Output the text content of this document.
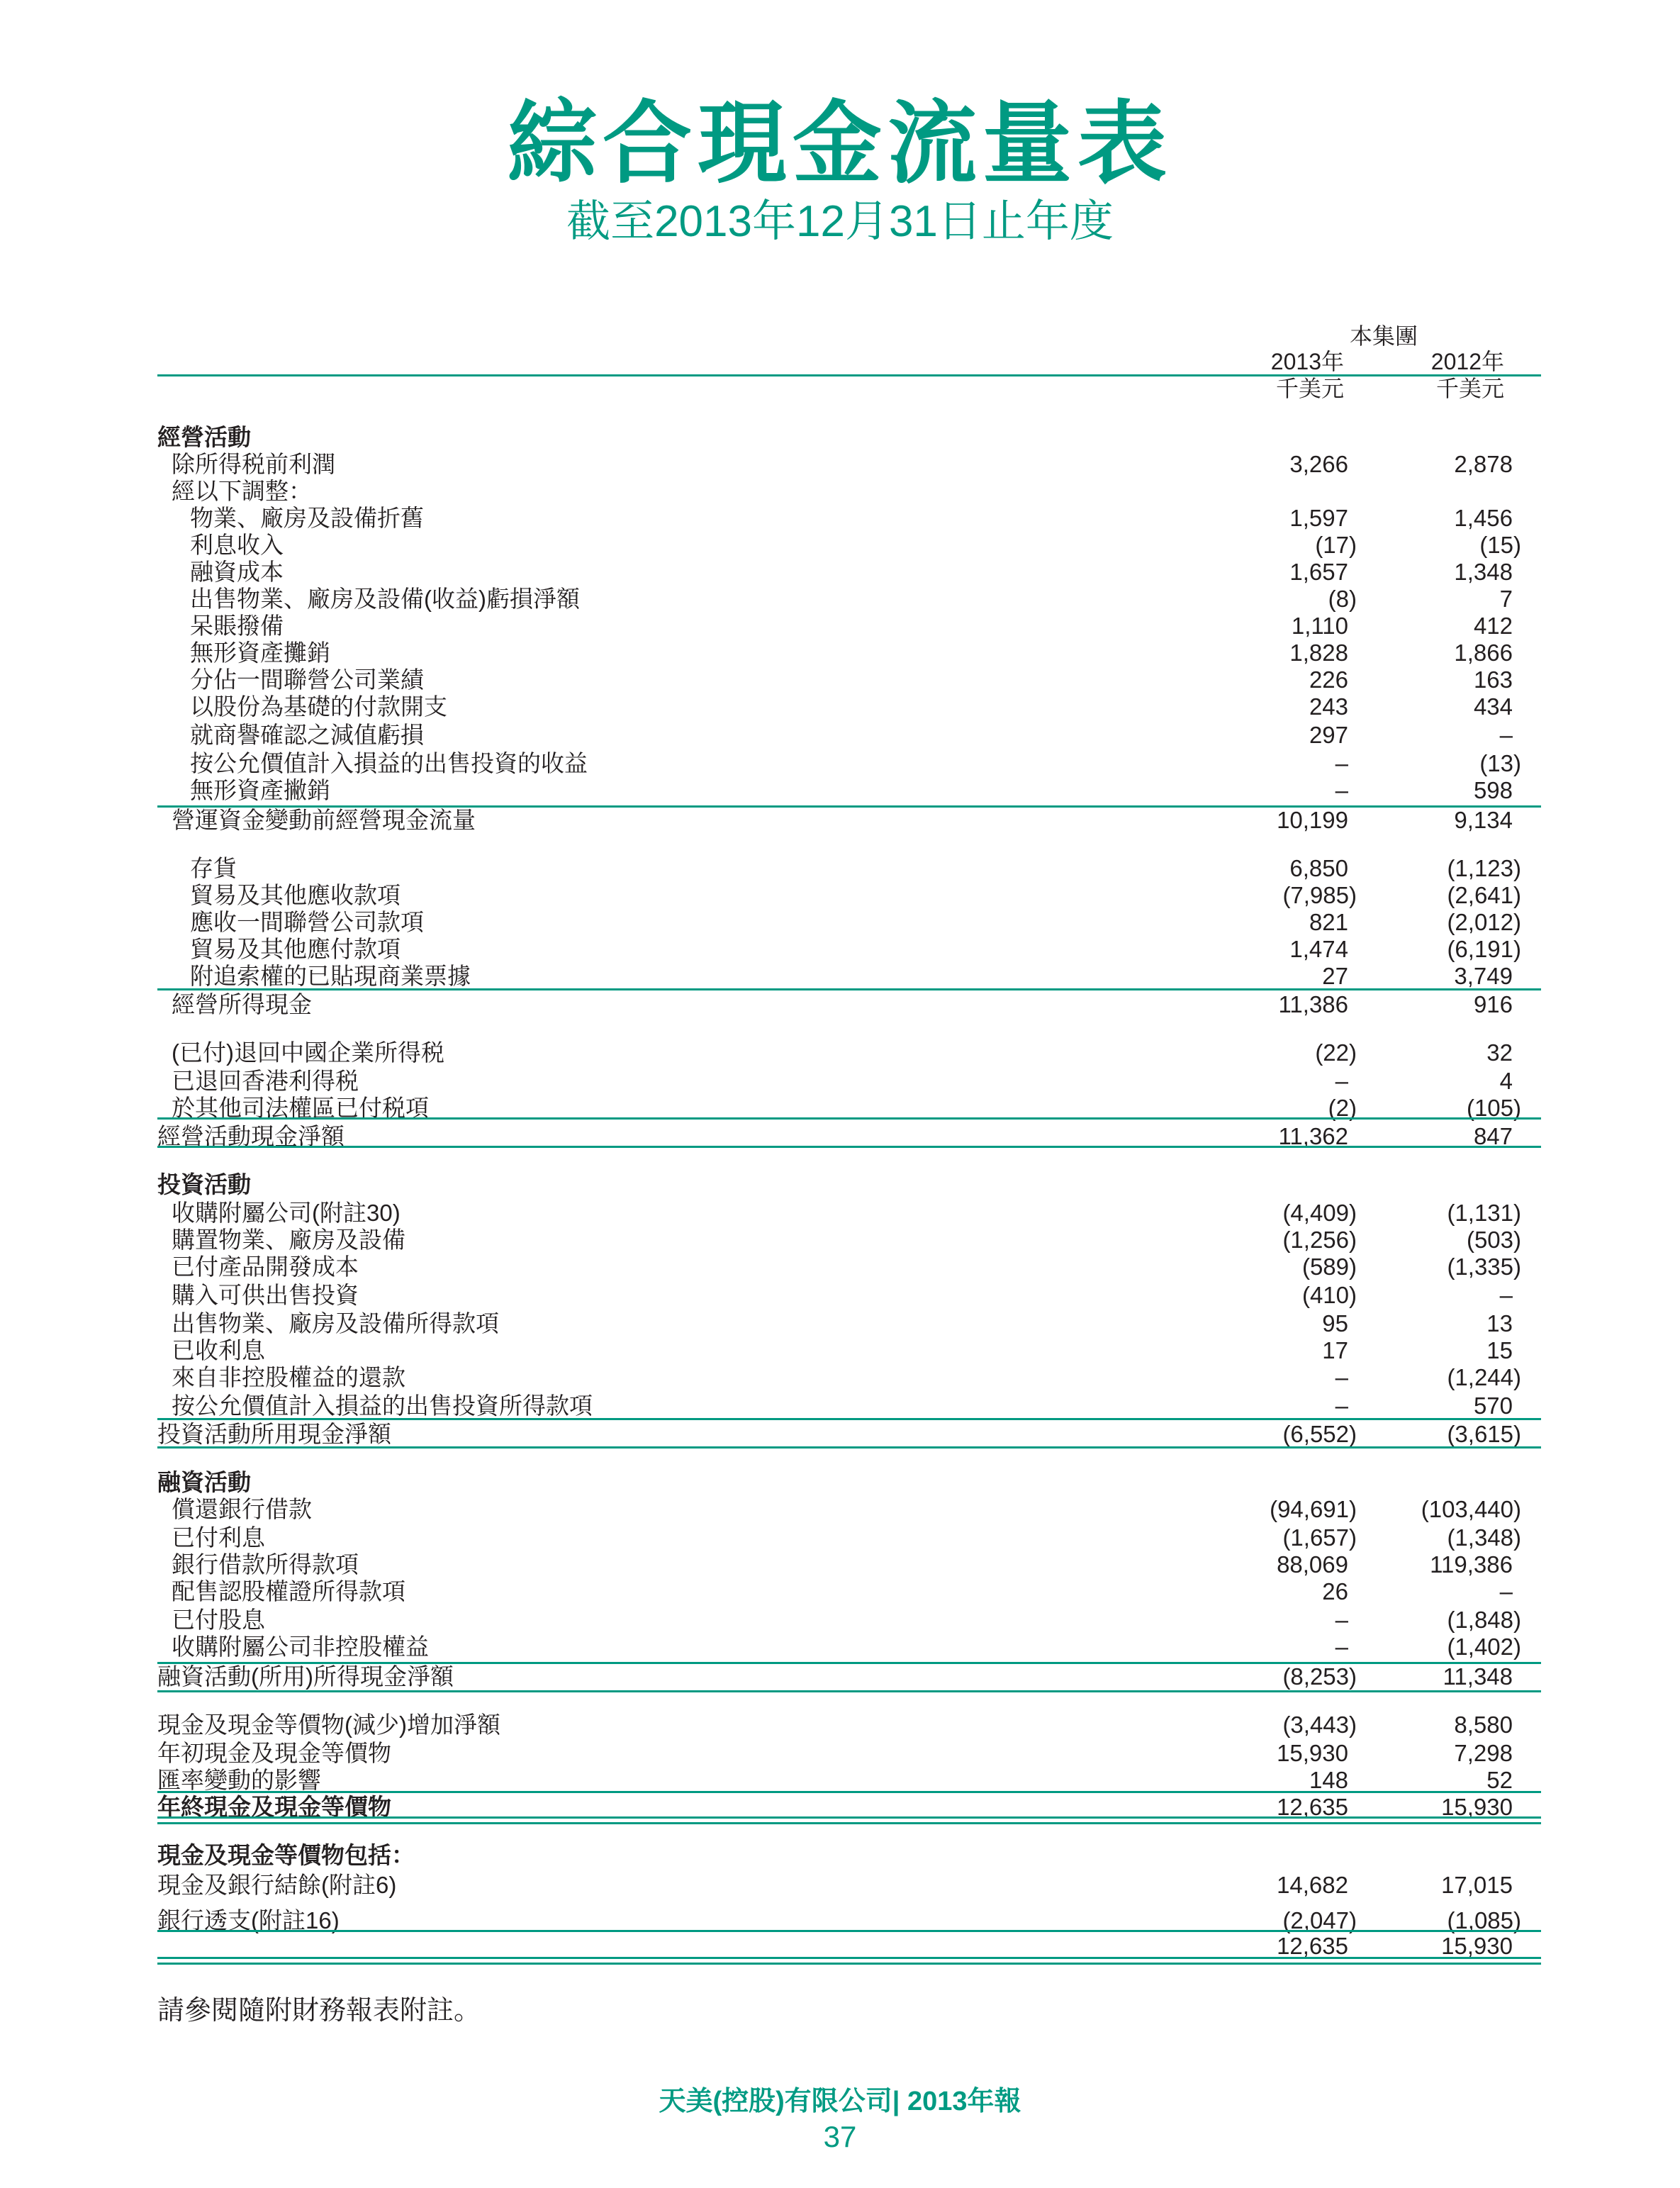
綜合現金流量表
截至2013年12月31日止年度
本集團
2013年	2012年
千美元	千美元
經營活動
除所得税前利潤	3,266	2,878
經以下調整：
物業、廠房及設備折舊	1,597	1,456
利息收入	(17)	(15)
融資成本	1,657	1,348
出售物業、廠房及設備(收益)虧損淨額	(8)	7
呆賬撥備	1,110	412
無形資產攤銷	1,828	1,866
分佔一間聯營公司業績	226	163
以股份為基礎的付款開支	243	434
就商譽確認之減值虧損	297	–
按公允價值計入損益的出售投資的收益	–	(13)
無形資產撇銷	–	598
營運資金變動前經營現金流量	10,199	9,134
存貨	6,850	(1,123)
貿易及其他應收款項	(7,985)	(2,641)
應收一間聯營公司款項	821	(2,012)
貿易及其他應付款項	1,474	(6,191)
附追索權的已貼現商業票據	27	3,749
經營所得現金	11,386	916
(已付)退回中國企業所得税	(22)	32
已退回香港利得税	–	4
於其他司法權區已付税項	(2)	(105)
經營活動現金淨額	11,362	847
投資活動
收購附屬公司(附註30)	(4,409)	(1,131)
購置物業、廠房及設備	(1,256)	(503)
已付產品開發成本	(589)	(1,335)
購入可供出售投資	(410)	–
出售物業、廠房及設備所得款項	95	13
已收利息	17	15
來自非控股權益的還款	–	(1,244)
按公允價值計入損益的出售投資所得款項	–	570
投資活動所用現金淨額	(6,552)	(3,615)
融資活動
償還銀行借款	(94,691)	(103,440)
已付利息	(1,657)	(1,348)
銀行借款所得款項	88,069	119,386
配售認股權證所得款項	26	–
已付股息	–	(1,848)
收購附屬公司非控股權益	–	(1,402)
融資活動(所用)所得現金淨額	(8,253)	11,348
現金及現金等價物(減少)增加淨額	(3,443)	8,580
年初現金及現金等價物	15,930	7,298
匯率變動的影響	148	52
年終現金及現金等價物	12,635	15,930
現金及現金等價物包括：
現金及銀行結餘(附註6)	14,682	17,015
銀行透支(附註16)	(2,047)	(1,085)
12,635	15,930
請參閱隨附財務報表附註。
天美(控股)有限公司| 2013年報
37
